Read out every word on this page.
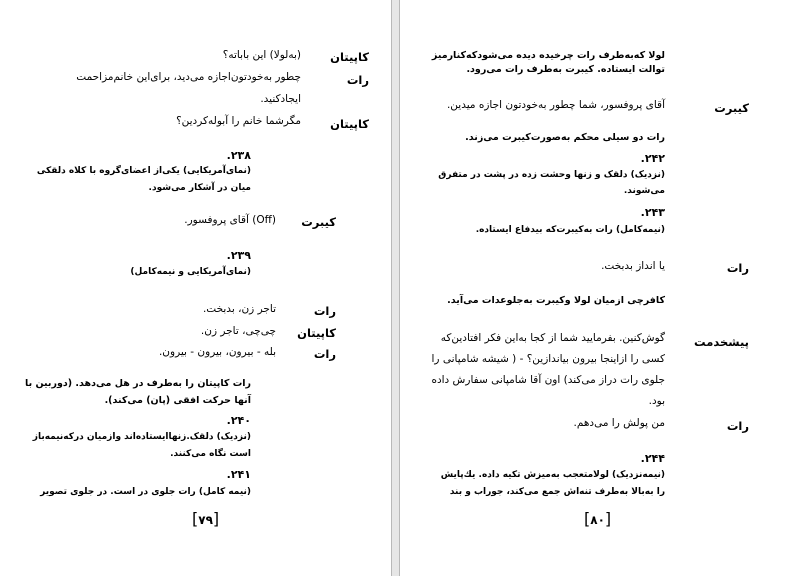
کاپیتان
(بەلولا) این باباته؟
رات
چطور به‌خودتون‌اجازه می‌دید، برای‌این خانم‌مزاحمت
ایجادکنید.
کاپیتان
مگرشما خانم را آبوله‌کردین؟
۲۳۸.
(نمای‌آمریکایی) یکی‌از اعضای‌گروه با کلاه دلقکی
میان در آشکار می‌شود.
کیبرت
(Off) آقای پروفسور.
۲۳۹.
(نمای‌آمریکایی و نیمه‌کامل)
رات
تاجر زن، بدبخت.
کاپیتان
چی‌چی، تاجر زن.
رات
بله - بیرون، بیرون - بیرون.
رات کاپیتان را به‌طرف در هل می‌دهد. (دوربین با
آنها حرکت افقی (پان) می‌کند).
۲۴۰.
(نزدیک) دلقک.زنها‌ایستاده‌اند وازمیان درکه‌نیمه‌باز
است نگاه می‌کنند.
۲۴۱.
(نیمه کامل) رات جلوی در است. در جلوی تصویر
[۷۹]
لولا که‌به‌طرف رات چرخیده دیده می‌شودکه‌کنارمیز
توالت ایستاده. کیبرت به‌طرف رات می‌رود.
کیبرت
آقای پروفسور، شما چطور به‌خودتون اجازه میدین.
رات دو سیلی محکم به‌صورت‌کیبرت می‌زند.
۲۴۲.
(نزدیک) دلقک و زنها وحشت زده در پشت در متفرق
می‌شوند.
۲۴۳.
(نیمه‌کامل) رات به‌کیبرت‌که بیدفاع ایستاده.
رات
یا انداز بدبخت.
کافرچی ازمیان لولا وکیبرت به‌جلوعدات می‌آید.
پیشخدمت
گوش‌کنین. بفرمایید شما از کجا به‌این فکر افتادین‌که
کسی را ازاینجا بیرون بیاندازین؟ - ( شیشه شامپانی را
جلوی رات دراز می‌کند) اون آقا شامپانی سفارش داده
بود.
رات
من پولش را می‌دهم.
۲۴۴.
(نیمه‌نزدیک) لولامتعجب به‌میزش تکیه داده. یك‌پایش
را به‌بالا به‌طرف تنه‌اش جمع می‌کند، جوراب و بند
[۸۰]
